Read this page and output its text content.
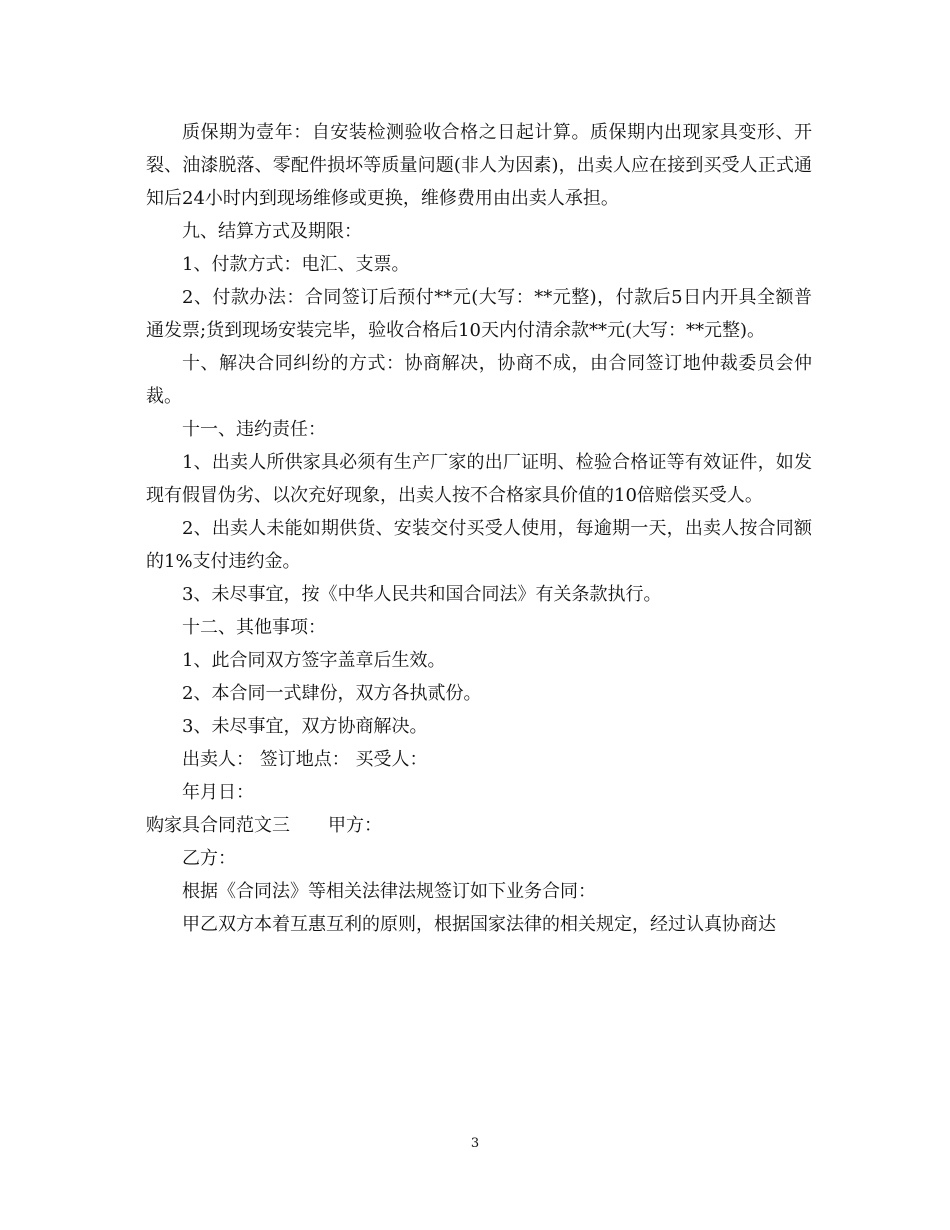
质保期为壹年：自安装检测验收合格之日起计算。质保期内出现家具变形、开裂、油漆脱落、零配件损坏等质量问题(非人为因素)，出卖人应在接到买受人正式通知后24小时内到现场维修或更换，维修费用由出卖人承担。

九、结算方式及期限：

1、付款方式：电汇、支票。

2、付款办法：合同签订后预付**元(大写：**元整)，付款后5日内开具全额普通发票;货到现场安装完毕，验收合格后10天内付清余款**元(大写：**元整)。

十、解决合同纠纷的方式：协商解决，协商不成，由合同签订地仲裁委员会仲裁。

十一、违约责任：

1、出卖人所供家具必须有生产厂家的出厂证明、检验合格证等有效证件，如发现有假冒伪劣、以次充好现象，出卖人按不合格家具价值的10倍赔偿买受人。

2、出卖人未能如期供货、安装交付买受人使用，每逾期一天，出卖人按合同额的1%支付违约金。

3、未尽事宜，按《中华人民共和国合同法》有关条款执行。

十二、其他事项：

1、此合同双方签字盖章后生效。

2、本合同一式肆份，双方各执贰份。

3、未尽事宜，双方协商解决。

出卖人： 签订地点： 买受人：

年月日：

购家具合同范文三 甲方：

乙方：

根据《合同法》等相关法律法规签订如下业务合同：

甲乙双方本着互惠互利的原则，根据国家法律的相关规定，经过认真协商达

3
